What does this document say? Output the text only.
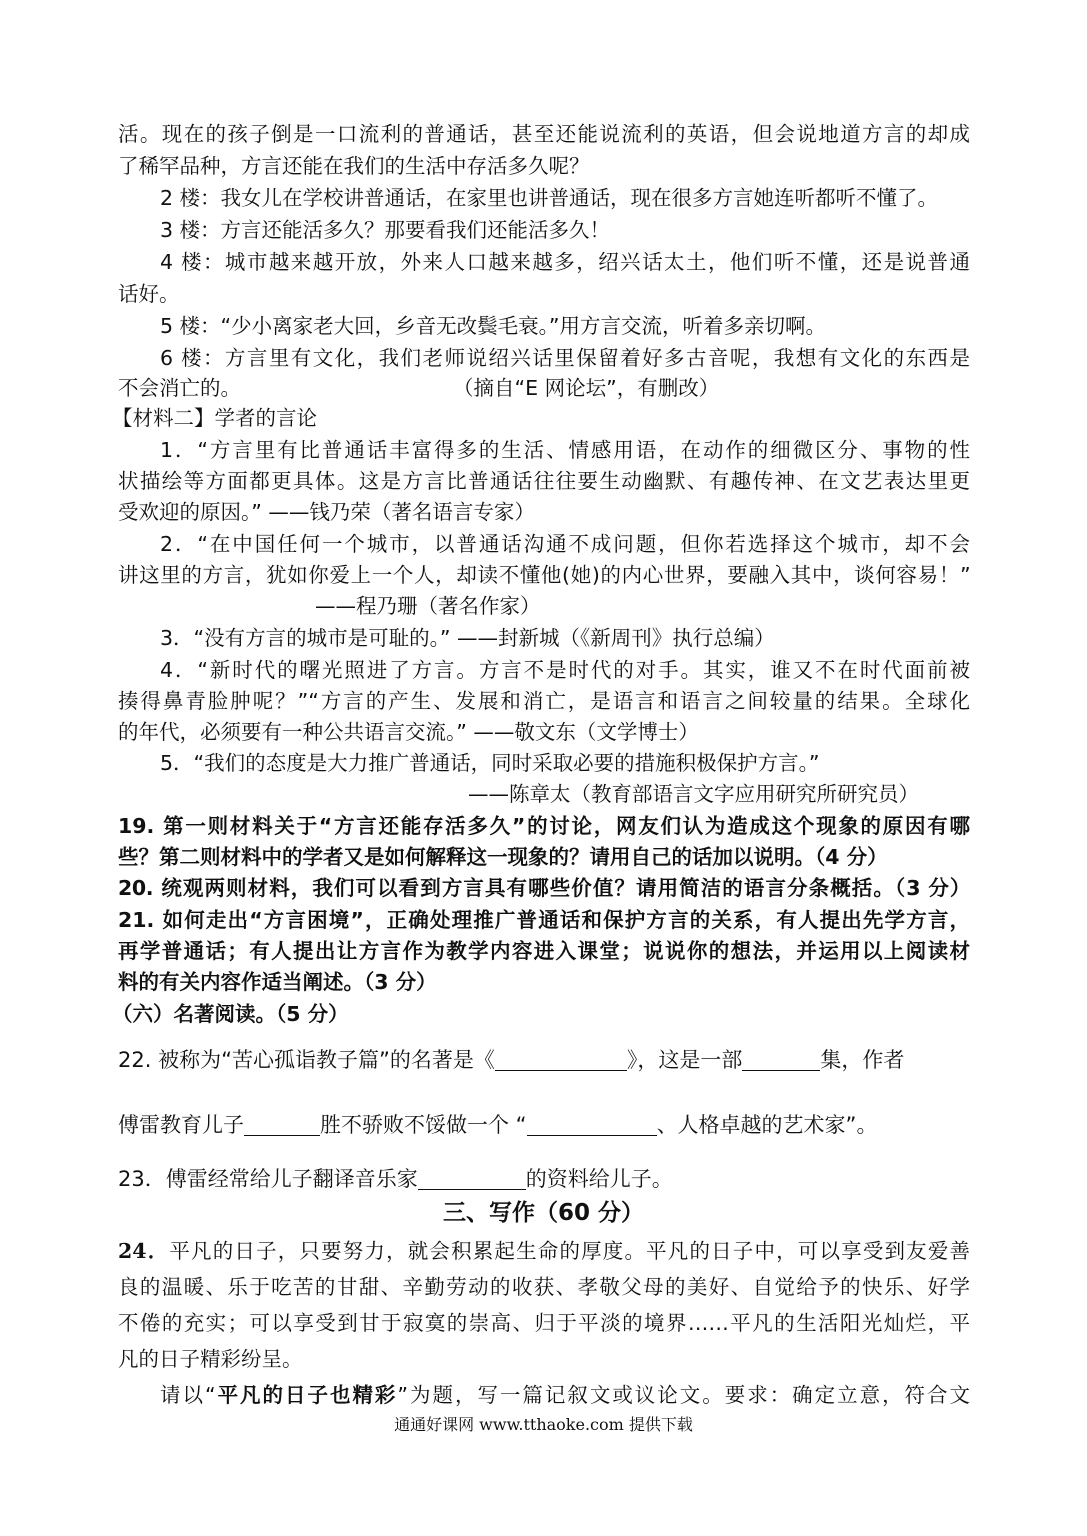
活。现在的孩子倒是一口流利的普通话，甚至还能说流利的英语，但会说地道方言的却成

了稀罕品种，方言还能在我们的生活中存活多久呢？

2 楼：我女儿在学校讲普通话，在家里也讲普通话，现在很多方言她连听都听不懂了。

3 楼：方言还能活多久？那要看我们还能活多久！

4 楼：城市越来越开放，外来人口越来越多，绍兴话太土，他们听不懂，还是说普通

话好。

5 楼：“少小离家老大回，乡音无改鬓毛衰。”用方言交流，听着多亲切啊。

6 楼：方言里有文化，我们老师说绍兴话里保留着好多古音呢，我想有文化的东西是

不会消亡的。	（摘自“E 网论坛”，有删改）

【材料二】学者的言论

1．“方言里有比普通话丰富得多的生活、情感用语，在动作的细微区分、事物的性

状描绘等方面都更具体。这是方言比普通话往往要生动幽默、有趣传神、在文艺表达里更

受欢迎的原因。” ——钱乃荣（著名语言专家）

2．“在中国任何一个城市，以普通话沟通不成问题，但你若选择这个城市，却不会

讲这里的方言，犹如你爱上一个人，却读不懂他(她)的内心世界，要融入其中，谈何容易！”

——程乃珊（著名作家）

3．“没有方言的城市是可耻的。” ——封新城（《新周刊》执行总编）

4．“新时代的曙光照进了方言。方言不是时代的对手。其实，谁又不在时代面前被

揍得鼻青脸肿呢？”“方言的产生、发展和消亡，是语言和语言之间较量的结果。全球化

的年代，必须要有一种公共语言交流。” ——敬文东（文学博士）

5．“我们的态度是大力推广普通话，同时采取必要的措施积极保护方言。”

——陈章太（教育部语言文字应用研究所研究员）

19. 第一则材料关于“方言还能存活多久”的讨论，网友们认为造成这个现象的原因有哪

些？第二则材料中的学者又是如何解释这一现象的？请用自己的话加以说明。（4 分）

20. 统观两则材料，我们可以看到方言具有哪些价值？请用简洁的语言分条概括。（3 分）

21. 如何走出“方言困境”，正确处理推广普通话和保护方言的关系，有人提出先学方言，

再学普通话；有人提出让方言作为教学内容进入课堂；说说你的想法，并运用以上阅读材

料的有关内容作适当阐述。（3 分）

（六）名著阅读。（5 分）

22. 被称为“苦心孤诣教子篇”的名著是《	》，这是一部	集，作者

傅雷教育儿子	胜不骄败不馁做一个 “	、人格卓越的艺术家”。

23．傅雷经常给儿子翻译音乐家	的资料给儿子。

三、写作（60 分）

24．平凡的日子，只要努力，就会积累起生命的厚度。平凡的日子中，可以享受到友爱善

良的温暖、乐于吃苦的甘甜、辛勤劳动的收获、孝敬父母的美好、自觉给予的快乐、好学

不倦的充实；可以享受到甘于寂寞的崇高、归于平淡的境界……平凡的生活阳光灿烂，平

凡的日子精彩纷呈。

请以“平凡的日子也精彩”为题，写一篇记叙文或议论文。要求：确定立意，符合文

通通好课网 www.tthaoke.com 提供下载
